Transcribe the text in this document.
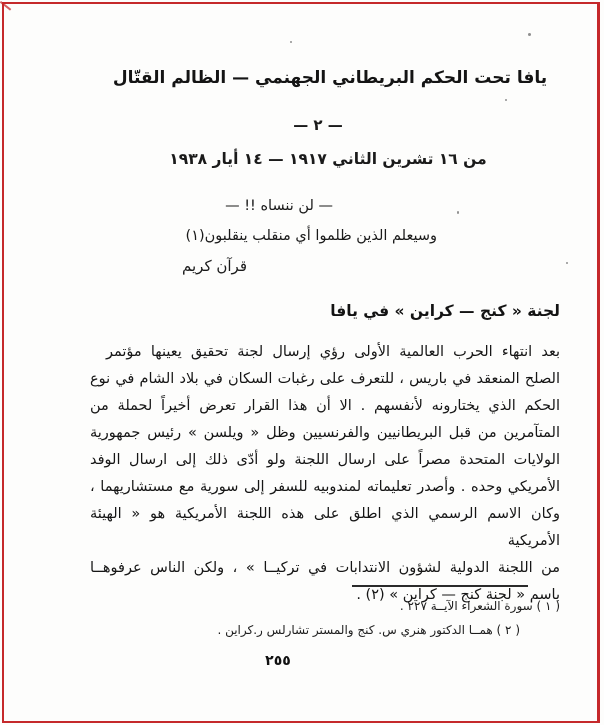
يافا تحت الحكم البريطاني الجهنمي — الظالم القتّال
— ٢ —
من ١٦ تشرين الثاني ١٩١٧ — ١٤ أيار ١٩٣٨
— لن ننساه !! —
وسيعلم الذين ظلموا أي منقلب ينقلبون(١)
قرآن كريم
لجنة « كنج — كراين » في يافا
بعد انتهاء الحرب العالمية الأولى رؤي إرسال لجنة تحقيق يعينها مؤتمر
الصلح المنعقد في باريس ، للتعرف على رغبات السكان في بلاد الشام في نوع
الحكم الذي يختارونه لأنفسهم . الا أن هذا القرار تعرض أخيراً لحملة من
المتآمرين من قبل البريطانيين والفرنسيين وظل « ويلسن » رئيس جمهورية
الولايات المتحدة مصراً على ارسال اللجنة ولو أدّى ذلك إلى ارسال الوفد
الأمريكي وحده . وأصدر تعليماته لمندوبيه للسفر إلى سورية مع مستشاريهما ،
وكان الاسم الرسمي الذي اطلق على هذه اللجنة الأمريكية هو « الهيئة الأمريكية
من اللجنة الدولية لشؤون الانتدابات في تركيــا » ، ولكن الناس عرفوهــا
باسم « لجنة كنج — كراين » (٢) .
( ١ ) سورة الشعراء الآيــة ٢٢٧ .
( ٢ ) همــا الدكتور هنري س. كنج والمستر تشارلس ر.كراين .
٢٥٥
